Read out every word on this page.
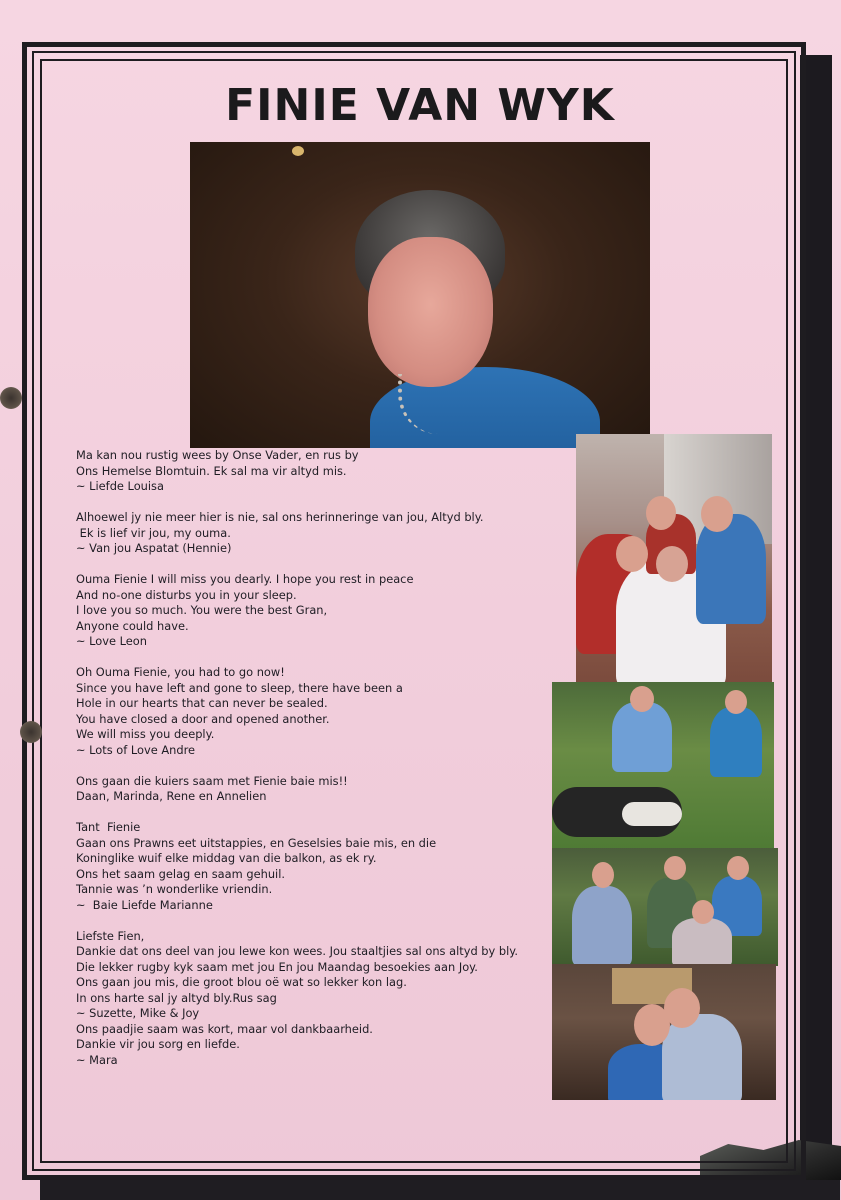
FINIE VAN WYK

Ma kan nou rustig wees by Onse Vader, en rus by
Ons Hemelse Blomtuin. Ek sal ma vir altyd mis.
~ Liefde Louisa

Alhoewel jy nie meer hier is nie, sal ons herinneringe van jou, Altyd bly.
Ek is lief vir jou, my ouma.
~ Van jou Aspatat (Hennie)

Ouma Fienie I will miss you dearly. I hope you rest in peace
And no-one disturbs you in your sleep.
I love you so much. You were the best Gran,
Anyone could have.
~ Love Leon

Oh Ouma Fienie, you had to go now!
Since you have left and gone to sleep, there have been a
Hole in our hearts that can never be sealed.
You have closed a door and opened another.
We will miss you deeply.
~ Lots of Love Andre

Ons gaan die kuiers saam met Fienie baie mis!!
Daan, Marinda, Rene en Annelien

Tant  Fienie
Gaan ons Prawns eet uitstappies, en Geselsies baie mis, en die
Koninglike wuif elke middag van die balkon, as ek ry.
Ons het saam gelag en saam gehuil.
Tannie was ’n wonderlike vriendin.
~  Baie Liefde Marianne

Liefste Fien,
Dankie dat ons deel van jou lewe kon wees. Jou staaltjies sal ons altyd by bly.
Die lekker rugby kyk saam met jou En jou Maandag besoekies aan Joy.
Ons gaan jou mis, die groot blou oë wat so lekker kon lag.
In ons harte sal jy altyd bly.Rus sag
~ Suzette, Mike & Joy
Ons paadjie saam was kort, maar vol dankbaarheid.
Dankie vir jou sorg en liefde.
~ Mara
